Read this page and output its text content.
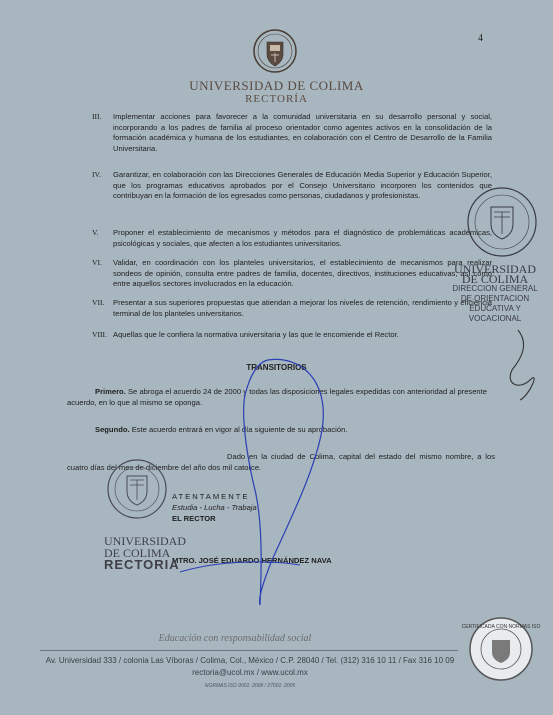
4
UNIVERSIDAD DE COLIMA
RECTORÍA
III.	Implementar acciones para favorecer a la comunidad universitaria en su desarrollo personal y social, incorporando a los padres de familia al proceso orientador como agentes activos en la consolidación de la formación académica y humana de los estudiantes, en colaboración con el Centro de Desarrollo de la Familia Universitaria.
IV.	Garantizar, en colaboración con las Direcciones Generales de Educación Media Superior y Educación Superior, que los programas educativos aprobados por el Consejo Universitario incorporen los contenidos que contribuyan en la formación de los egresados como personas, ciudadanos y profesionistas.
V.	Proponer el establecimiento de mecanismos y métodos para el diagnóstico de problemáticas académicas, psicológicas y sociales, que afecten a los estudiantes universitarios.
VI.	Validar, en coordinación con los planteles universitarios, el establecimiento de mecanismos para realizar sondeos de opinión, consulta entre padres de familia, docentes, directivos, instituciones educativas, así como entre aquellos sectores involucrados en la educación.
VII.	Presentar a sus superiores propuestas que atiendan a mejorar los niveles de retención, rendimiento y eficiencia terminal de los planteles universitarios.
VIII. Aquellas que le confiera la normativa universitaria y las que le encomiende el Rector.
TRANSITORIOS
Primero. Se abroga el acuerdo 24 de 2000 y todas las disposiciones legales expedidas con anterioridad al presente acuerdo, en lo que al mismo se oponga.
Segundo. Este acuerdo entrará en vigor al día siguiente de su aprobación.
Dado en la ciudad de Colima, capital del estado del mismo nombre, a los cuatro días del mes de diciembre del año dos mil catorce.
ATENTAMENTE
Estudia - Lucha - Trabaja
EL RECTOR
MTRO. JOSÉ EDUARDO HERNÁNDEZ NAVA
UNIVERSIDAD
DE COLIMA
RECTORIA
UNIVERSIDAD
DE COLIMA
DIRECCION GENERAL
DE ORIENTACION
EDUCATIVA Y
VOCACIONAL
CERTIFICADA CON NORMAS ISO
Educación con responsabilidad social
Av. Universidad 333 / colonia Las Víboras / Colima, Col., México / C.P. 28040 / Tel. (312) 316 10 11 / Fax 316 10 09
rectoria@ucol.mx / www.ucol.mx
NORMAS ISO 9001: 2008 / 27001: 2005
